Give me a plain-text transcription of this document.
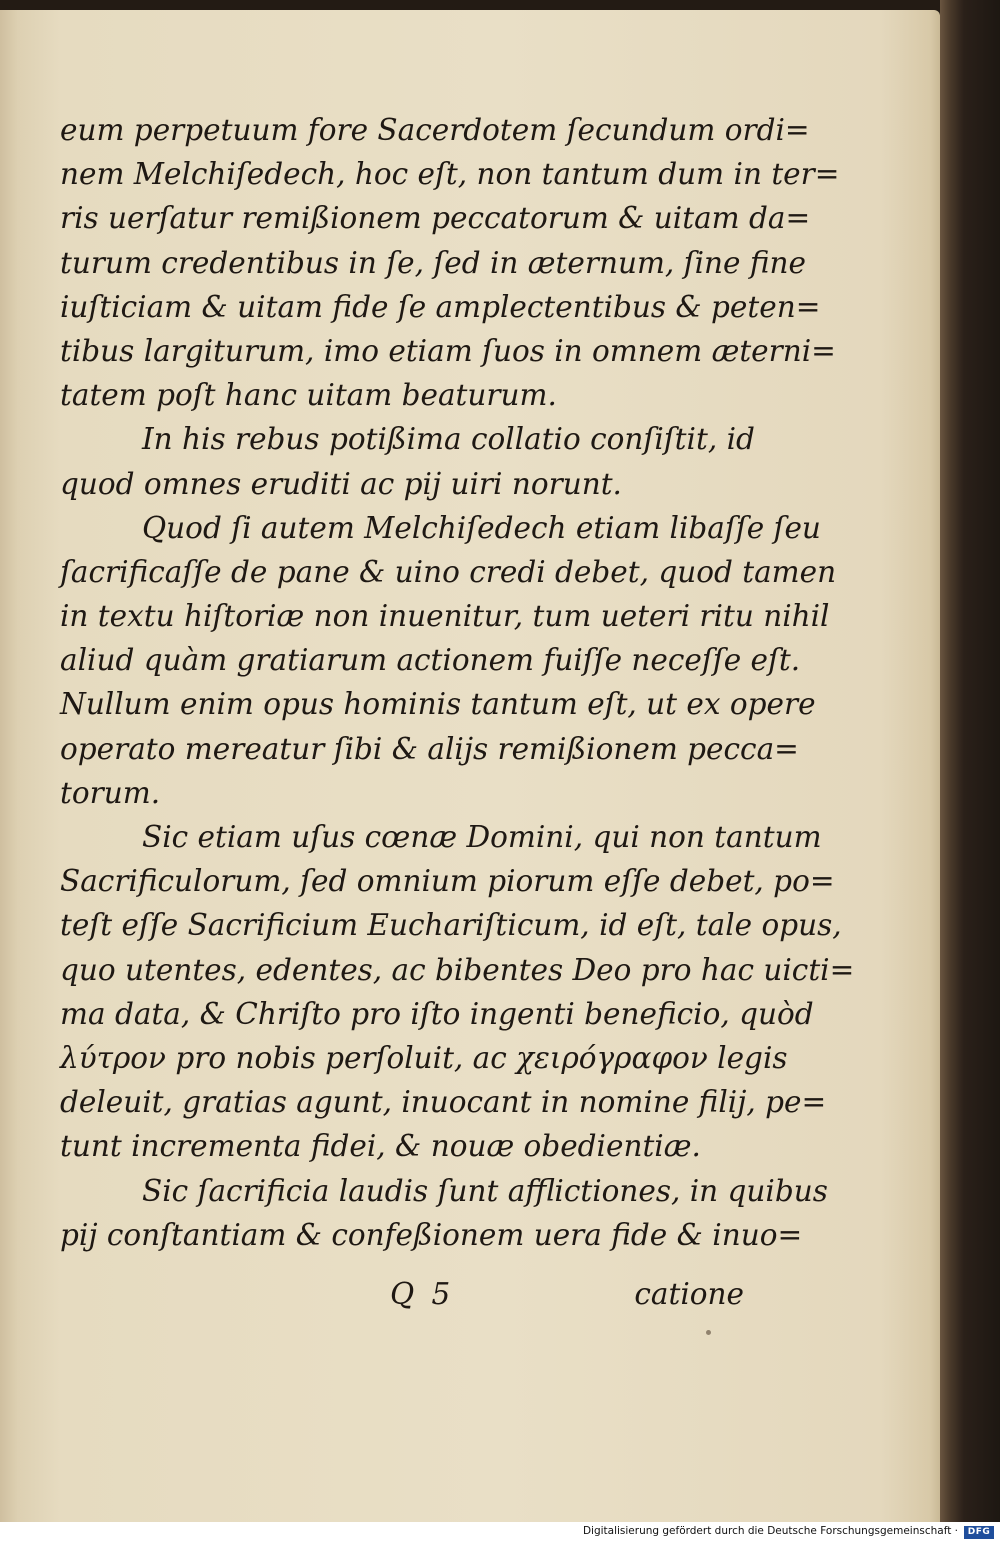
eum perpetuum fore Sacerdotem ſecundum ordi=
nem Melchiſedech, hoc eſt, non tantum dum in ter=
ris uerſatur remißionem peccatorum & uitam da=
turum credentibus in ſe, ſed in æternum, ſine fine
iuſticiam & uitam fide ſe amplectentibus & peten=
tibus largiturum, imo etiam ſuos in omnem æterni=
tatem poſt hanc uitam beaturum.
In his rebus potißima collatio conſiſtit, id
quod omnes eruditi ac pij uiri norunt.
Quod ſi autem Melchiſedech etiam libaſſe ſeu
ſacrificaſſe de pane & uino credi debet, quod tamen
in textu hiſtoriæ non inuenitur, tum ueteri ritu nihil
aliud quàm gratiarum actionem fuiſſe neceſſe eſt.
Nullum enim opus hominis tantum eſt, ut ex opere
operato mereatur ſibi & alijs remißionem pecca=
torum.
Sic etiam uſus cœnæ Domini, qui non tantum
Sacrificulorum, ſed omnium piorum eſſe debet, po=
teſt eſſe Sacrificium Euchariſticum, id eſt, tale opus,
quo utentes, edentes, ac bibentes Deo pro hac uicti=
ma data, & Chriſto pro iſto ingenti beneficio, quòd
λύτρον pro nobis perſoluit, ac χειρόγραφον legis
deleuit, gratias agunt, inuocant in nomine filij, pe=
tunt incrementa fidei, & nouæ obedientiæ.
Sic ſacrificia laudis ſunt afflictiones, in quibus
pij conſtantiam & confeßionem uera fide & inuo=
Q 5	catione
Digitalisierung gefördert durch die Deutsche Forschungsgemeinschaft ·	DFG
